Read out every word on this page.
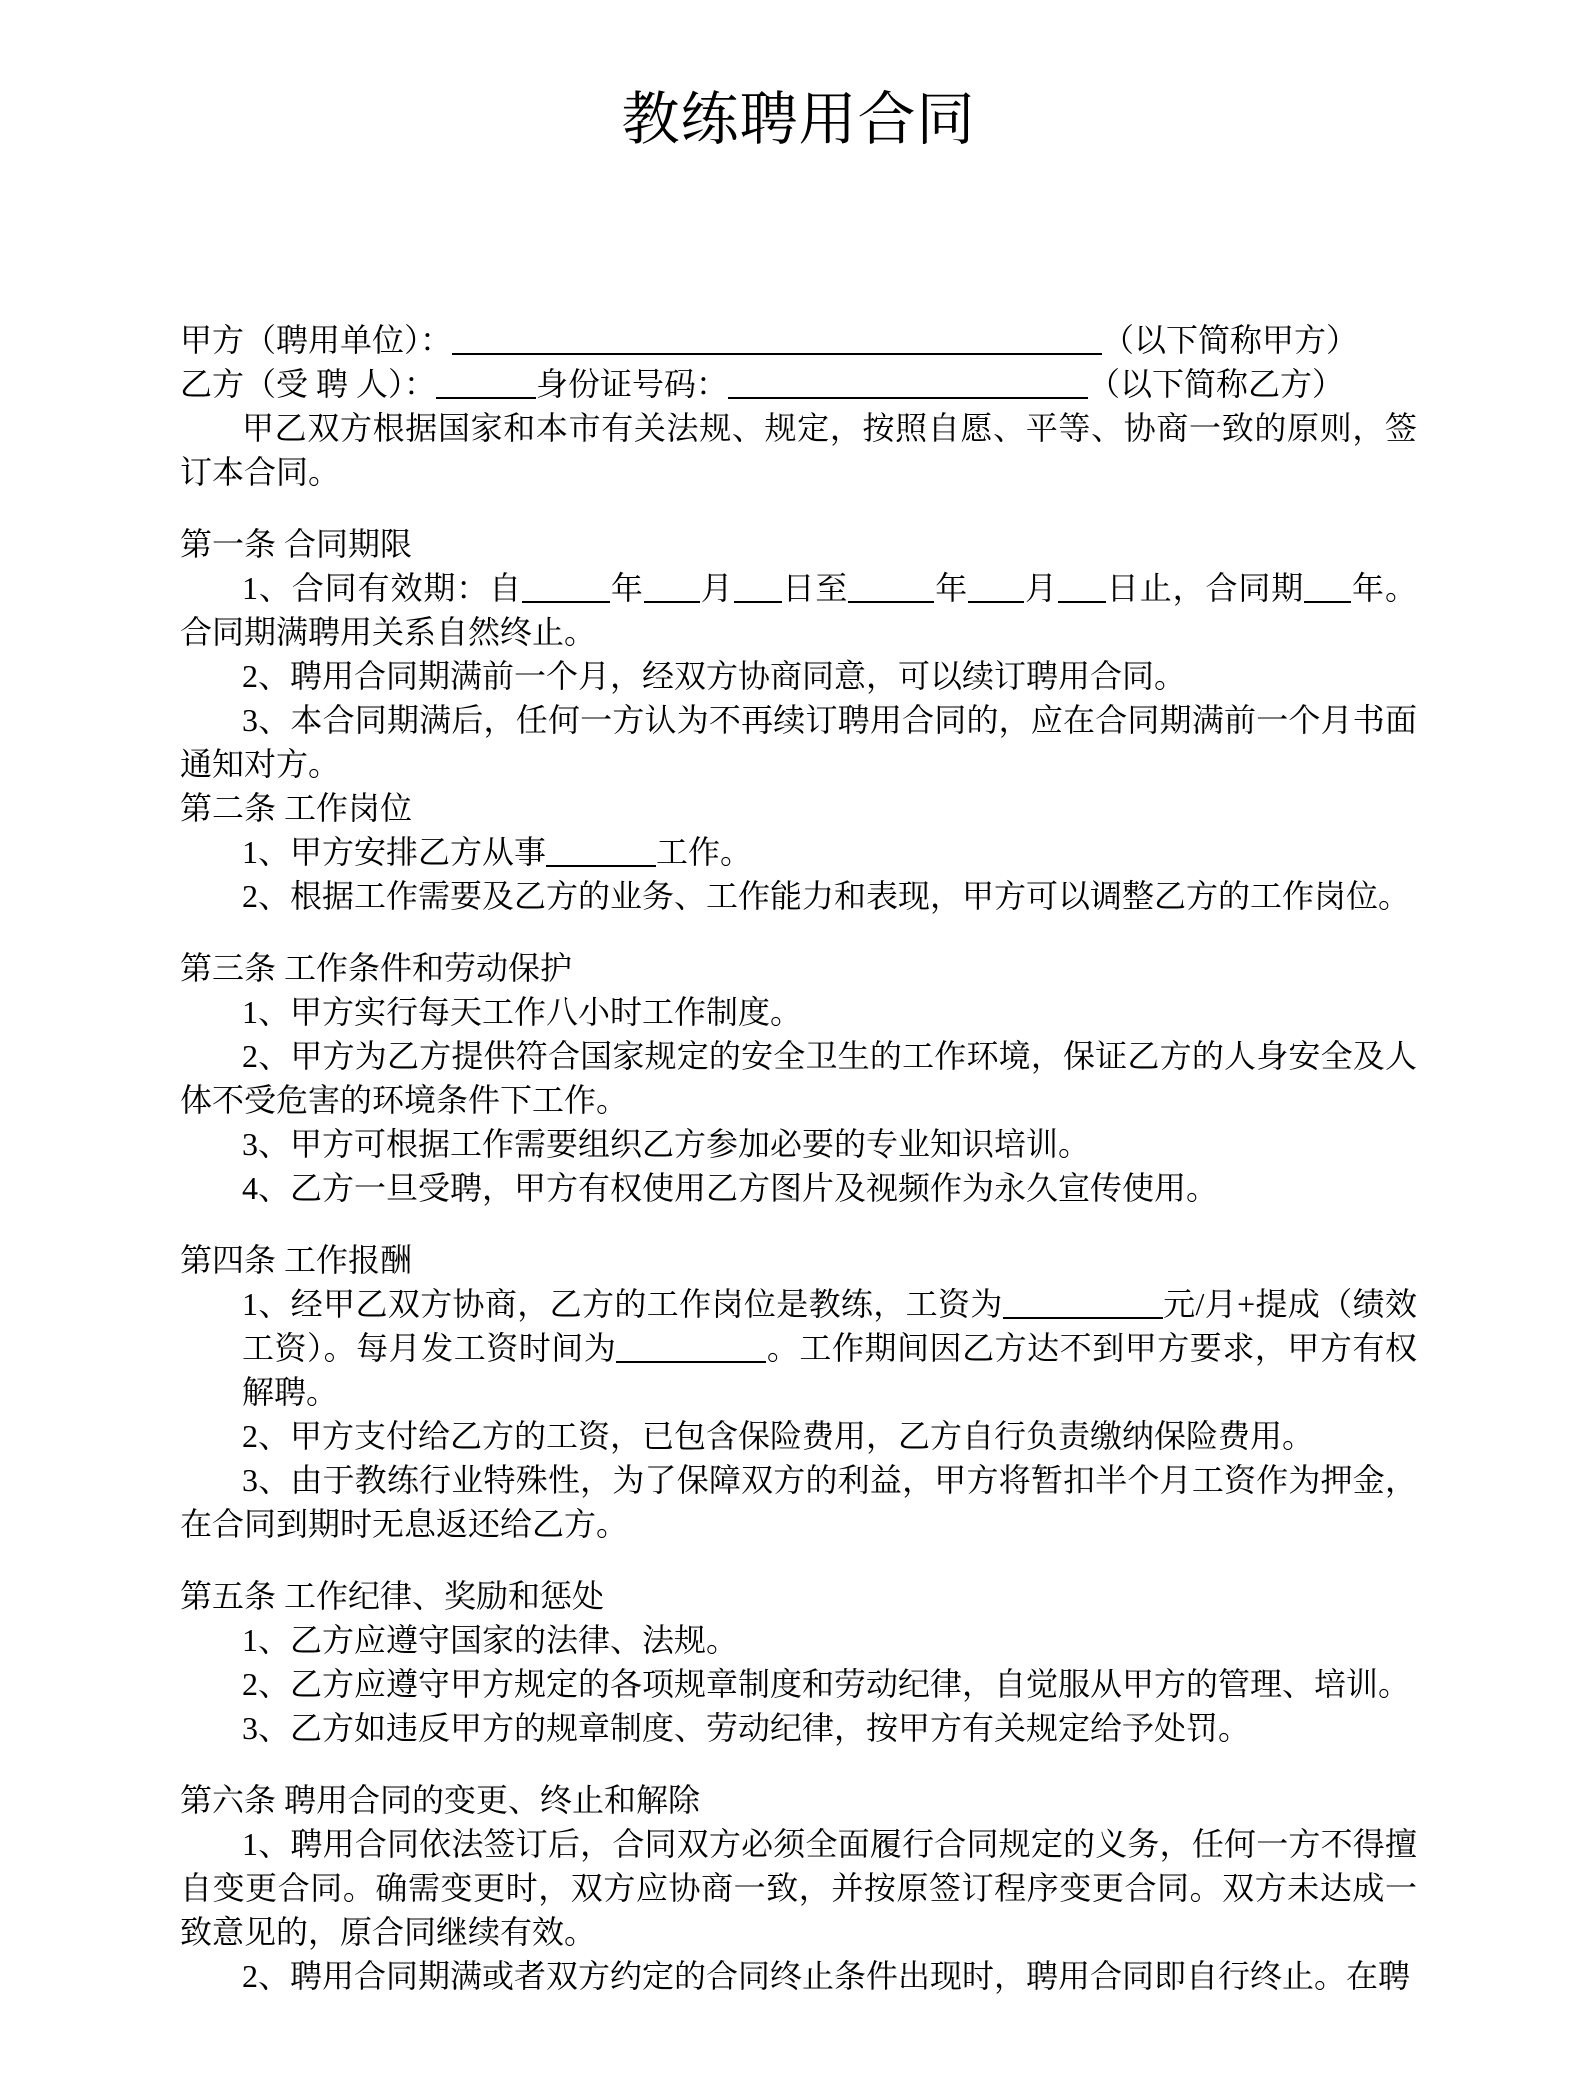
教练聘用合同

甲方（聘用单位）：	（以下简称甲方）

乙方（受 聘 人）：	身份证号码：	（以下简称乙方）

甲乙双方根据国家和本市有关法规、规定，按照自愿、平等、协商一致的原则，签订本合同。

第一条 合同期限

1、合同有效期：自	年 月 日至	年 月 日止，合同期 年。合同期满聘用关系自然终止。

2、聘用合同期满前一个月，经双方协商同意，可以续订聘用合同。

3、本合同期满后，任何一方认为不再续订聘用合同的，应在合同期满前一个月书面通知对方。

第二条 工作岗位

1、甲方安排乙方从事	工作。

2、根据工作需要及乙方的业务、工作能力和表现，甲方可以调整乙方的工作岗位。

第三条 工作条件和劳动保护

1、甲方实行每天工作八小时工作制度。

2、甲方为乙方提供符合国家规定的安全卫生的工作环境，保证乙方的人身安全及人体不受危害的环境条件下工作。

3、甲方可根据工作需要组织乙方参加必要的专业知识培训。

4、乙方一旦受聘，甲方有权使用乙方图片及视频作为永久宣传使用。

第四条 工作报酬

1、经甲乙双方协商，乙方的工作岗位是教练，工资为	元/月+提成（绩效工资）。每月发工资时间为	。工作期间因乙方达不到甲方要求，甲方有权解聘。

2、甲方支付给乙方的工资，已包含保险费用，乙方自行负责缴纳保险费用。

3、由于教练行业特殊性，为了保障双方的利益，甲方将暂扣半个月工资作为押金，在合同到期时无息返还给乙方。

第五条 工作纪律、奖励和惩处

1、乙方应遵守国家的法律、法规。

2、乙方应遵守甲方规定的各项规章制度和劳动纪律，自觉服从甲方的管理、培训。

3、乙方如违反甲方的规章制度、劳动纪律，按甲方有关规定给予处罚。

第六条 聘用合同的变更、终止和解除

1、聘用合同依法签订后，合同双方必须全面履行合同规定的义务，任何一方不得擅自变更合同。确需变更时，双方应协商一致，并按原签订程序变更合同。双方未达成一致意见的，原合同继续有效。

2、聘用合同期满或者双方约定的合同终止条件出现时，聘用合同即自行终止。在聘
